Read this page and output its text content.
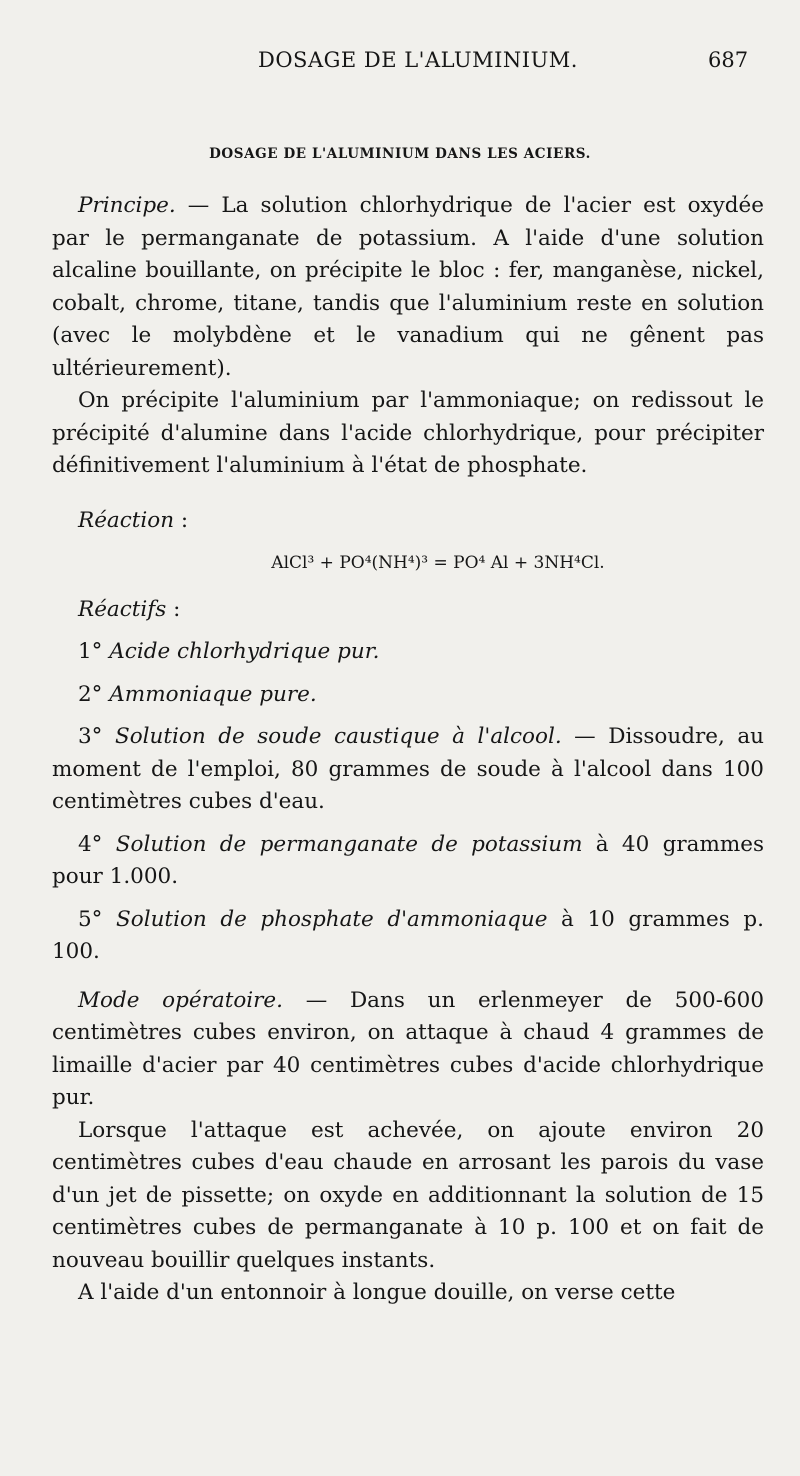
DOSAGE DE L'ALUMINIUM.	687
DOSAGE DE L'ALUMINIUM DANS LES ACIERS.

Principe. — La solution chlorhydrique de l'acier est oxydée par le permanganate de potassium. A l'aide d'une solution alcaline bouillante, on précipite le bloc : fer, manganèse, nickel, cobalt, chrome, titane, tandis que l'aluminium reste en solution (avec le molybdène et le vanadium qui ne gênent pas ultérieurement).

On précipite l'aluminium par l'ammoniaque; on redissout le précipité d'alumine dans l'acide chlorhydrique, pour précipiter définitivement l'aluminium à l'état de phosphate.

Réaction :

AlCl³ + PO⁴(NH⁴)³ = PO⁴ Al + 3NH⁴Cl.

Réactifs :

1° Acide chlorhydrique pur.

2° Ammoniaque pure.

3° Solution de soude caustique à l'alcool. — Dissoudre, au moment de l'emploi, 80 grammes de soude à l'alcool dans 100 centimètres cubes d'eau.

4° Solution de permanganate de potassium à 40 grammes pour 1.000.

5° Solution de phosphate d'ammoniaque à 10 grammes p. 100.

Mode opératoire. — Dans un erlenmeyer de 500-600 centimètres cubes environ, on attaque à chaud 4 grammes de limaille d'acier par 40 centimètres cubes d'acide chlorhydrique pur.

Lorsque l'attaque est achevée, on ajoute environ 20 centimètres cubes d'eau chaude en arrosant les parois du vase d'un jet de pissette; on oxyde en additionnant la solution de 15 centimètres cubes de permanganate à 10 p. 100 et on fait de nouveau bouillir quelques instants.

A l'aide d'un entonnoir à longue douille, on verse cette
